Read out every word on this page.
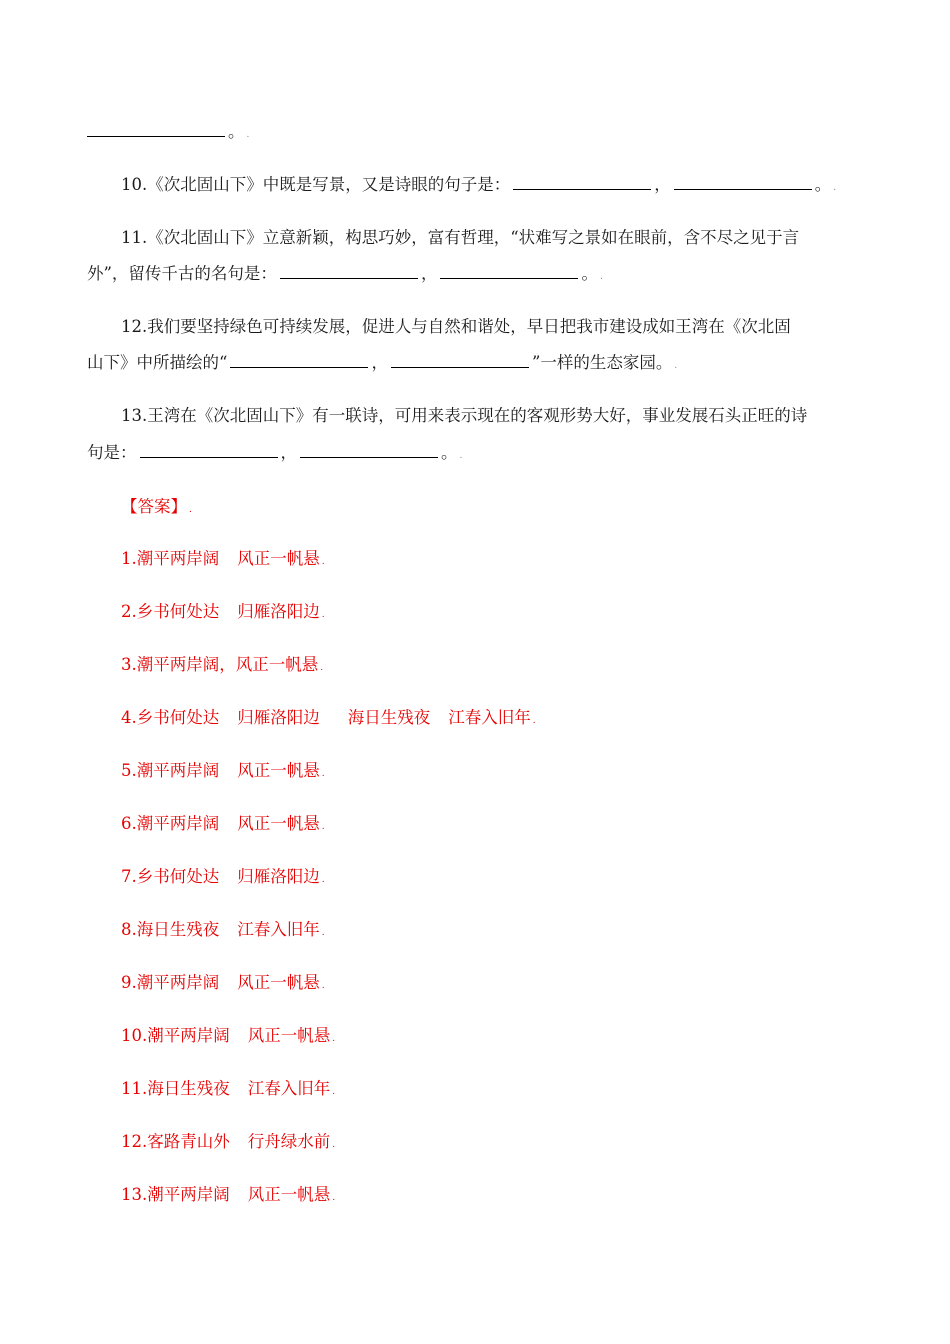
。 .
10.《次北固山下》中既是写景，又是诗眼的句子是：	，	。 .
11.《次北固山下》立意新颖，构思巧妙，富有哲理，“状难写之景如在眼前，含不尽之见于言
外”，留传千古的名句是：	，	。 .
12.我们要坚持绿色可持续发展，促进人与自然和谐处，早日把我市建设成如王湾在《次北固
山下》中所描绘的“	，	”一样的生态家园。 .
13.王湾在《次北固山下》有一联诗，可用来表示现在的客观形势大好，事业发展石头正旺的诗
句是：	，	。 .
【答案】 .
1.潮平两岸阔 风正一帆悬 .
2.乡书何处达 归雁洛阳边 .
3.潮平两岸阔，风正一帆悬 .
4.乡书何处达 归雁洛阳边 海日生残夜 江春入旧年 .
5.潮平两岸阔 风正一帆悬 .
6.潮平两岸阔 风正一帆悬 .
7.乡书何处达 归雁洛阳边 .
8.海日生残夜 江春入旧年 .
9.潮平两岸阔 风正一帆悬 .
10.潮平两岸阔 风正一帆悬 .
11.海日生残夜 江春入旧年 .
12.客路青山外 行舟绿水前 .
13.潮平两岸阔 风正一帆悬 .
